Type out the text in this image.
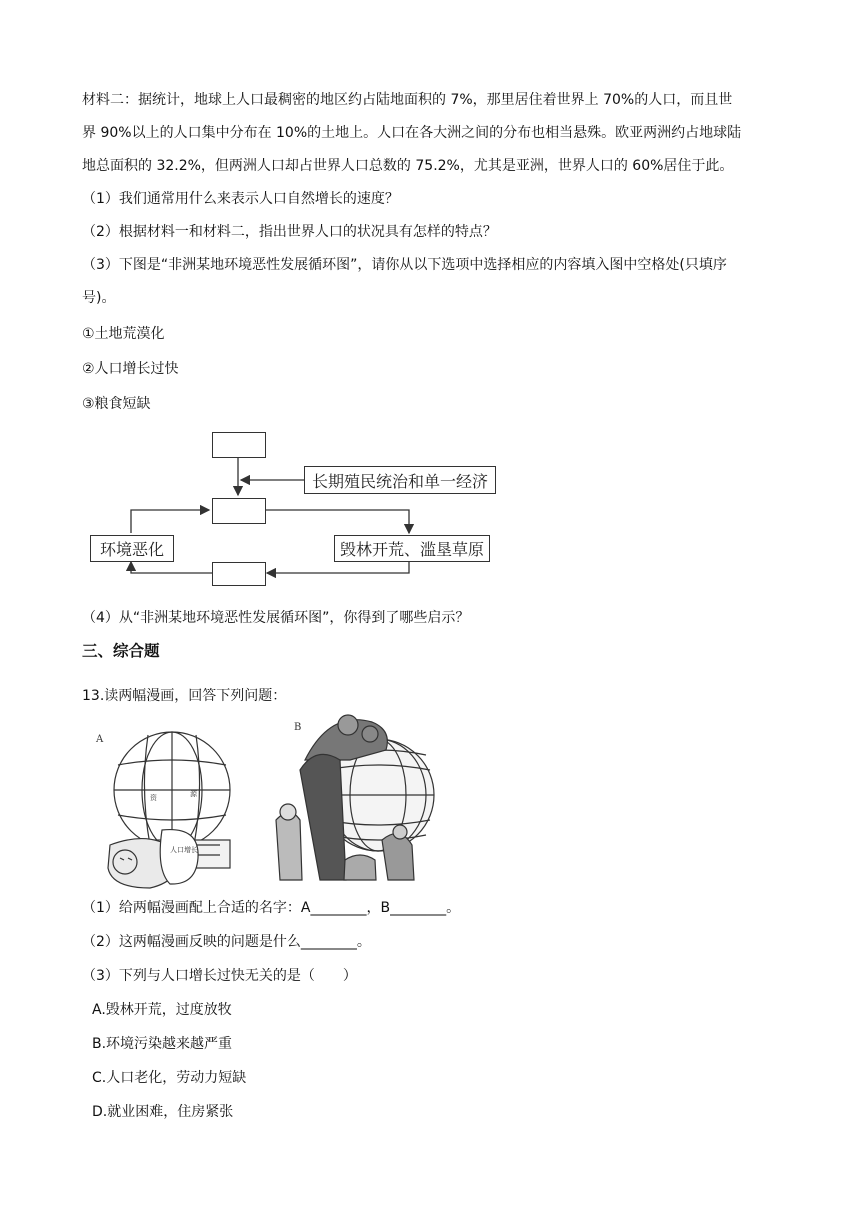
材料二：据统计，地球上人口最稠密的地区约占陆地面积的 7%，那里居住着世界上 70%的人口，而且世
界 90%以上的人口集中分布在 10%的土地上。人口在各大洲之间的分布也相当悬殊。欧亚两洲约占地球陆
地总面积的 32.2%，但两洲人口却占世界人口总数的 75.2%，尤其是亚洲，世界人口的 60%居住于此。
（1）我们通常用什么来表示人口自然增长的速度？
（2）根据材料一和材料二，指出世界人口的状况具有怎样的特点？
（3）下图是“非洲某地环境恶性发展循环图”，请你从以下选项中选择相应的内容填入图中空格处(只填序
号)。
①土地荒漠化
②人口增长过快
③粮食短缺
长期殖民统治和单一经济
环境恶化	毁林开荒、滥垦草原
（4）从“非洲某地环境恶性发展循环图”，你得到了哪些启示？
三、综合题
13.读两幅漫画，回答下列问题：
A
资	源
人口增长
B
（1）给两幅漫画配上合适的名字：A________，B________。
（2）这两幅漫画反映的问题是什么________。
（3）下列与人口增长过快无关的是（　　）
A.毁林开荒，过度放牧
B.环境污染越来越严重
C.人口老化，劳动力短缺
D.就业困难，住房紧张
